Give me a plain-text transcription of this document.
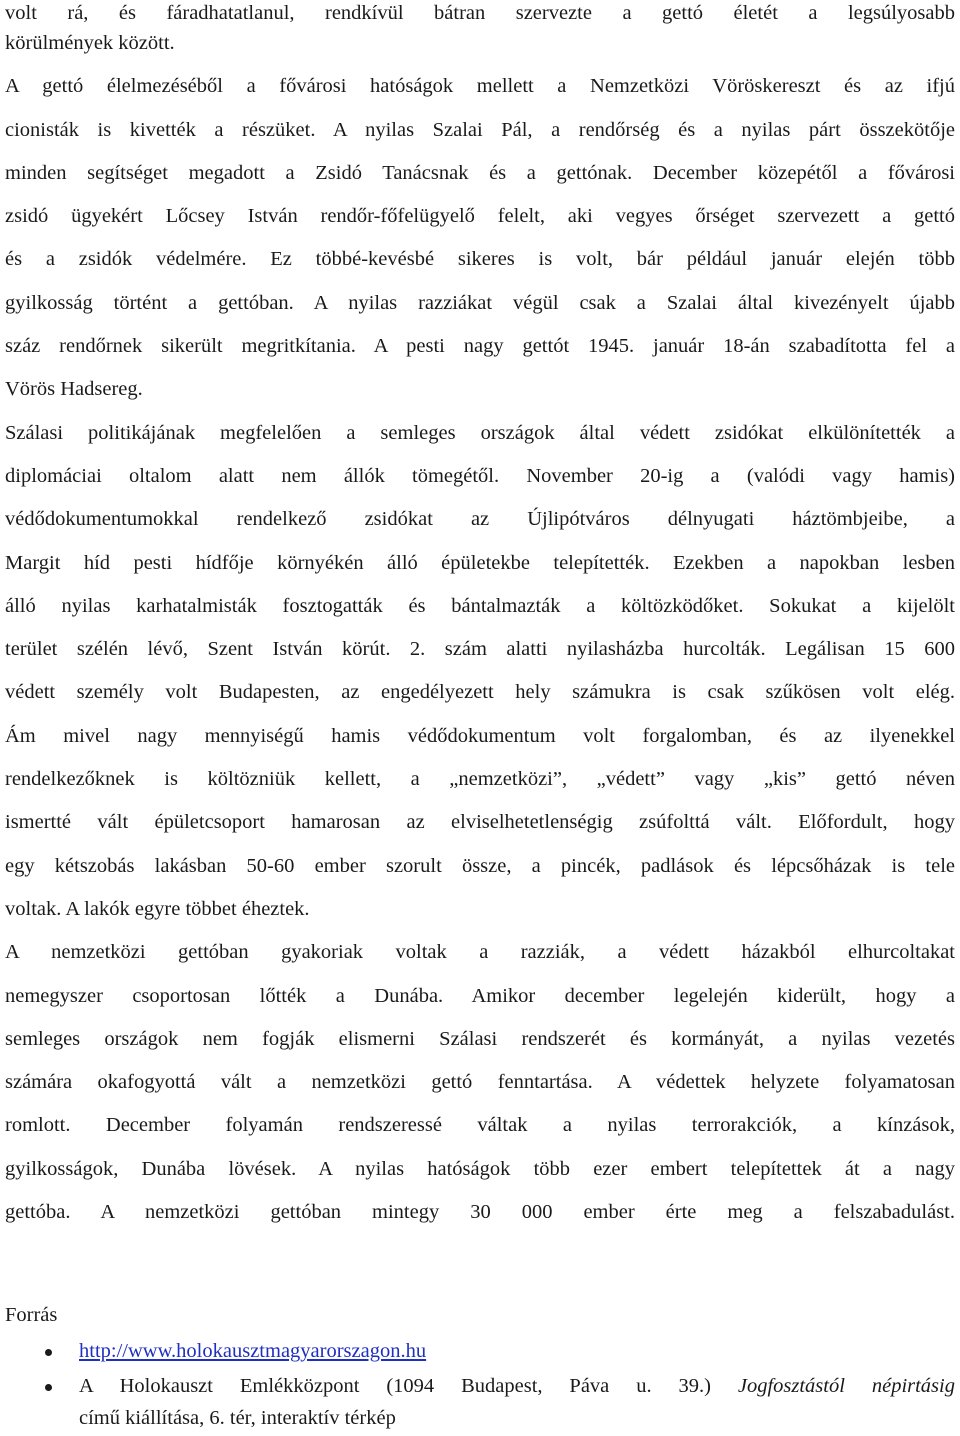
volt rá, és fáradhatatlanul, rendkívül bátran szervezte a gettó életét a legsúlyosabb
körülmények között.
A gettó élelmezéséből a fővárosi hatóságok mellett a Nemzetközi Vöröskereszt és az ifjú
cionisták is kivették a részüket. A nyilas Szalai Pál, a rendőrség és a nyilas párt összekötője
minden segítséget megadott a Zsidó Tanácsnak és a gettónak. December közepétől a fővárosi
zsidó ügyekért Lőcsey István rendőr-főfelügyelő felelt, aki vegyes őrséget szervezett a gettó
és a zsidók védelmére. Ez többé-kevésbé sikeres is volt, bár például január elején több
gyilkosság történt a gettóban. A nyilas razziákat végül csak a Szalai által kivezényelt újabb
száz rendőrnek sikerült megritkítania. A pesti nagy gettót 1945. január 18-án szabadította fel a
Vörös Hadsereg.
Szálasi politikájának megfelelően a semleges országok által védett zsidókat elkülönítették a
diplomáciai oltalom alatt nem állók tömegétől. November 20-ig a (valódi vagy hamis)
védődokumentumokkal rendelkező zsidókat az Újlipótváros délnyugati háztömbjeibe, a
Margit híd pesti hídfője környékén álló épületekbe telepítették. Ezekben a napokban lesben
álló nyilas karhatalmisták fosztogatták és bántalmazták a költözködőket. Sokukat a kijelölt
terület szélén lévő, Szent István körút. 2. szám alatti nyilasházba hurcolták. Legálisan 15 600
védett személy volt Budapesten, az engedélyezett hely számukra is csak szűkösen volt elég.
Ám mivel nagy mennyiségű hamis védődokumentum volt forgalomban, és az ilyenekkel
rendelkezőknek is költözniük kellett, a „nemzetközi”, „védett” vagy „kis” gettó néven
ismertté vált épületcsoport hamarosan az elviselhetetlenségig zsúfolttá vált. Előfordult, hogy
egy kétszobás lakásban 50-60 ember szorult össze, a pincék, padlások és lépcsőházak is tele
voltak. A lakók egyre többet éheztek.
A nemzetközi gettóban gyakoriak voltak a razziák, a védett házakból elhurcoltakat
nemegyszer csoportosan lőtték a Dunába. Amikor december legelején kiderült, hogy a
semleges országok nem fogják elismerni Szálasi rendszerét és kormányát, a nyilas vezetés
számára okafogyottá vált a nemzetközi gettó fenntartása. A védettek helyzete folyamatosan
romlott. December folyamán rendszeressé váltak a nyilas terrorakciók, a kínzások,
gyilkosságok, Dunába lövések. A nyilas hatóságok több ezer embert telepítettek át a nagy
gettóba. A nemzetközi gettóban mintegy 30 000 ember érte meg a felszabadulást.
Forrás
http://www.holokausztmagyarorszagon.hu
A Holokauszt Emlékközpont (1094 Budapest, Páva u. 39.) Jogfosztástól népirtásig
című kiállítása, 6. tér, interaktív térkép
